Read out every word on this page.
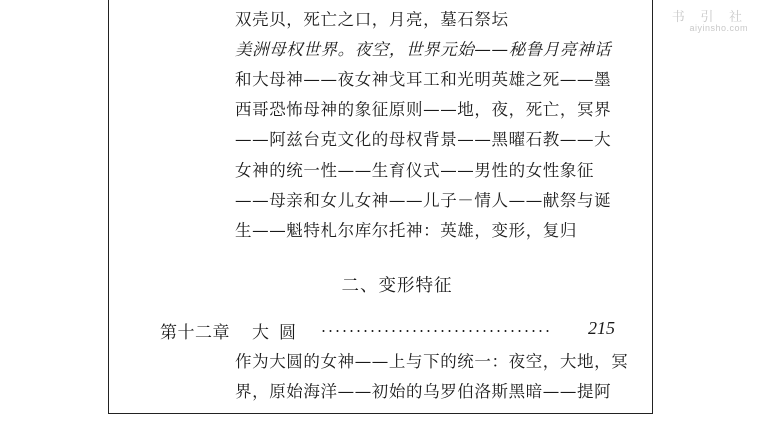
书 引 社
aiyinsho.com
双壳贝，死亡之口，月亮，墓石祭坛
美洲母权世界。夜空，世界元始——秘鲁月亮神话
和大母神——夜女神戈耳工和光明英雄之死——墨
西哥恐怖母神的象征原则——地，夜，死亡，冥界
——阿兹台克文化的母权背景——黑曜石教——大
女神的统一性——生育仪式——男性的女性象征
——母亲和女儿女神——儿子－情人——献祭与诞
生——魁特札尔库尔托神：英雄，变形，复归
二、变形特征
第十二章 大圆	215
作为大圆的女神——上与下的统一：夜空，大地，冥
界，原始海洋——初始的乌罗伯洛斯黑暗——提阿
